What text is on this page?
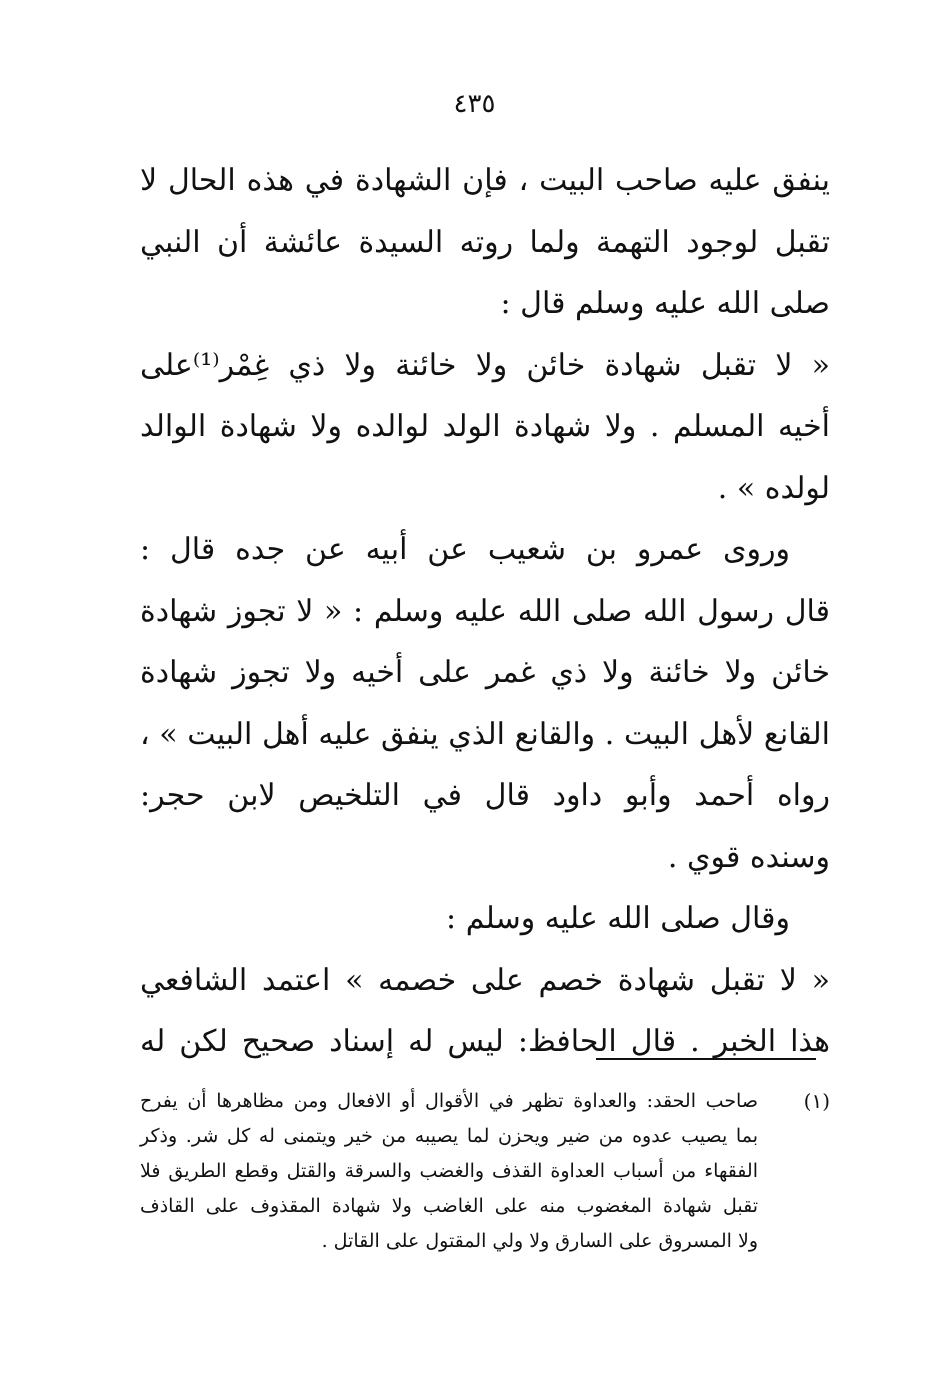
٤٣٥
ينفق عليه صاحب البيت ، فإن الشهادة في هذه الحال لا
تقبل لوجود التهمة ولما روته السيدة عائشة أن النبي
صلى الله عليه وسلم قال :
« لا تقبل شهادة خائن ولا خائنة ولا ذي غِمْر⁽¹⁾على
أخيه المسلم . ولا شهادة الولد لوالده ولا شهادة الوالد
لولده » .
وروى عمرو بن شعيب عن أبيه عن جده قال :
قال رسول الله صلى الله عليه وسلم : « لا تجوز شهادة
خائن ولا خائنة ولا ذي غمر على أخيه ولا تجوز شهادة
القانع لأهل البيت . والقانع الذي ينفق عليه أهل البيت » ،
رواه أحمد وأبو داود قال في التلخيص لابن حجر:
وسنده قوي .
وقال صلى الله عليه وسلم :
« لا تقبل شهادة خصم على خصمه » اعتمد الشافعي
هذا الخبر . قال الحافظ: ليس له إسناد صحيح لكن له
(١)
صاحب الحقد: والعداوة تظهر في الأقوال أو الافعال ومن مظاهرها أن يفرح
بما يصيب عدوه من ضير ويحزن لما يصيبه من خير ويتمنى له كل شر. وذكر
الفقهاء من أسباب العداوة القذف والغضب والسرقة والقتل وقطع الطريق فلا
تقبل شهادة المغضوب منه على الغاضب ولا شهادة المقذوف على القاذف
ولا المسروق على السارق ولا ولي المقتول على القاتل .
